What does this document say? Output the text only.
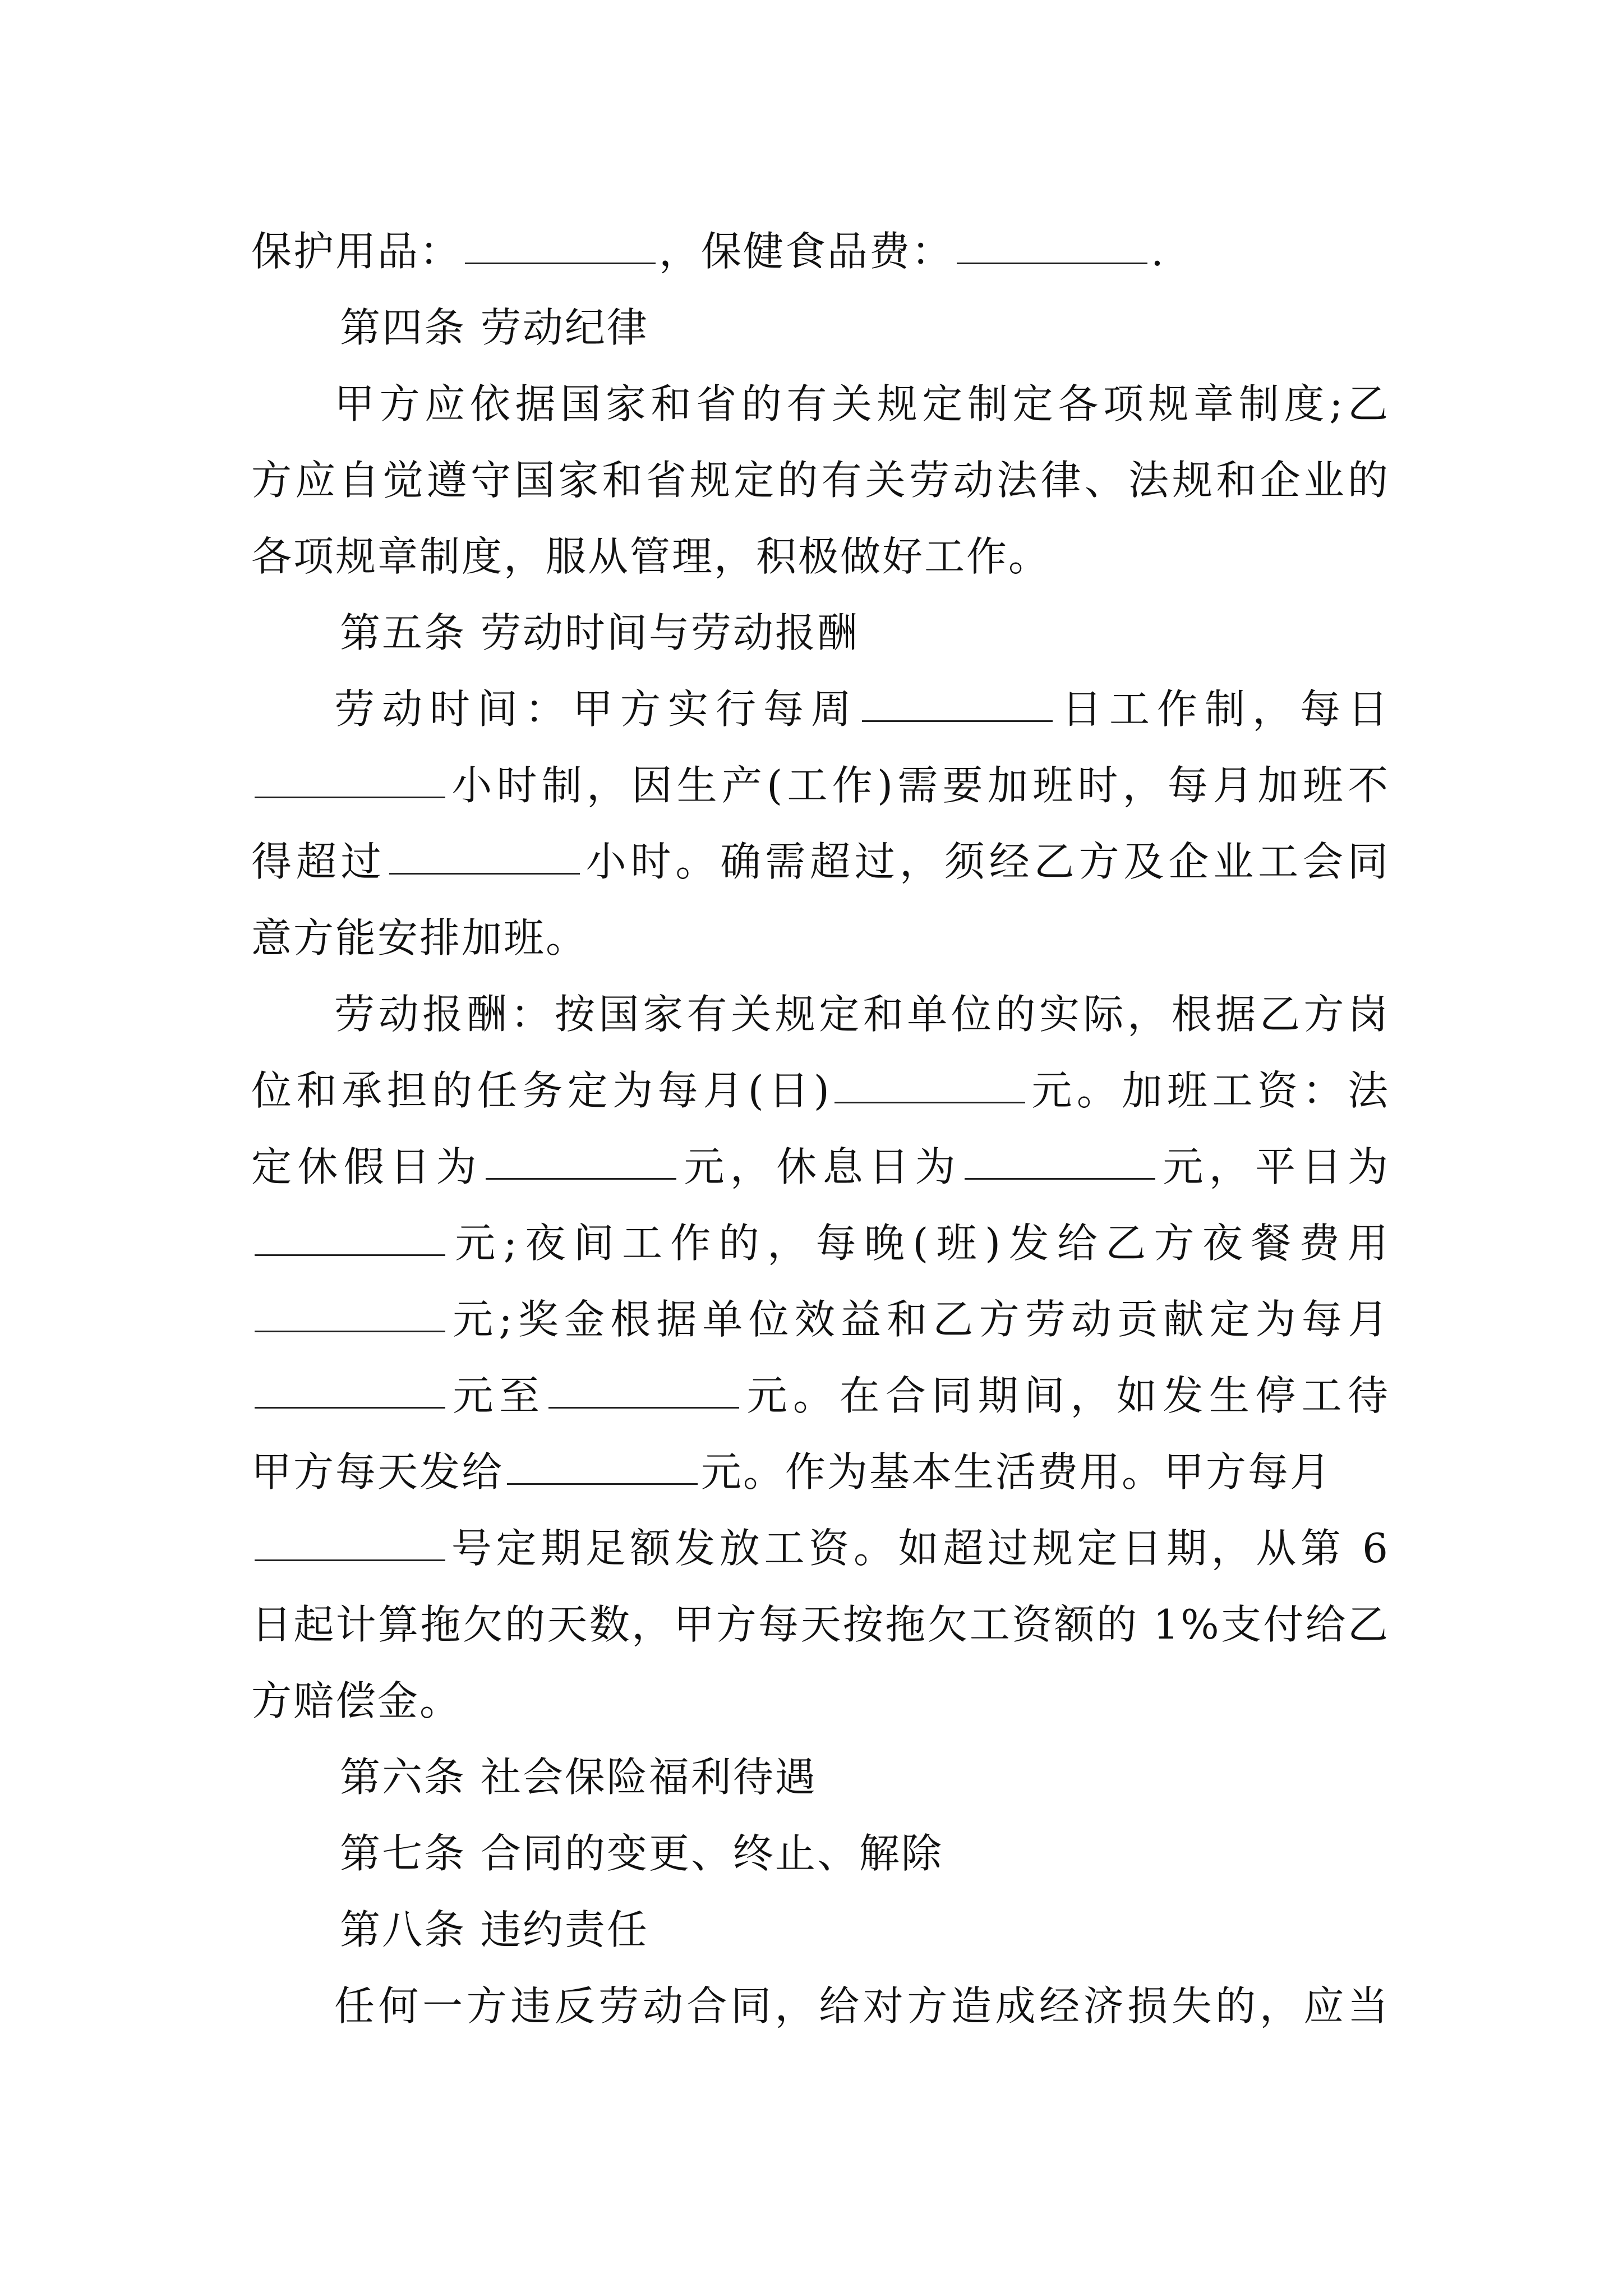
保护用品：	，保健食品费：	.
第四条 劳动纪律
甲方应依据国家和省的有关规定制定各项规章制度;乙
方应自觉遵守国家和省规定的有关劳动法律、法规和企业的
各项规章制度，服从管理，积极做好工作。
第五条 劳动时间与劳动报酬
劳动时间：甲方实行每周	日工作制，每日
小时制，因生产(工作)需要加班时，每月加班不
得超过	小时。确需超过，须经乙方及企业工会同
意方能安排加班。
劳动报酬：按国家有关规定和单位的实际，根据乙方岗
位和承担的任务定为每月(日)	元。加班工资：法
定休假日为	元，休息日为	元，平日为
元;夜间工作的，每晚(班)发给乙方夜餐费用
元;奖金根据单位效益和乙方劳动贡献定为每月
元至	元。在合同期间，如发生停工待
甲方每天发给	元。作为基本生活费用。甲方每月
号定期足额发放工资。如超过规定日期，从第 6
日起计算拖欠的天数，甲方每天按拖欠工资额的 1%支付给乙
方赔偿金。
第六条 社会保险福利待遇
第七条 合同的变更、终止、解除
第八条 违约责任
任何一方违反劳动合同，给对方造成经济损失的，应当
